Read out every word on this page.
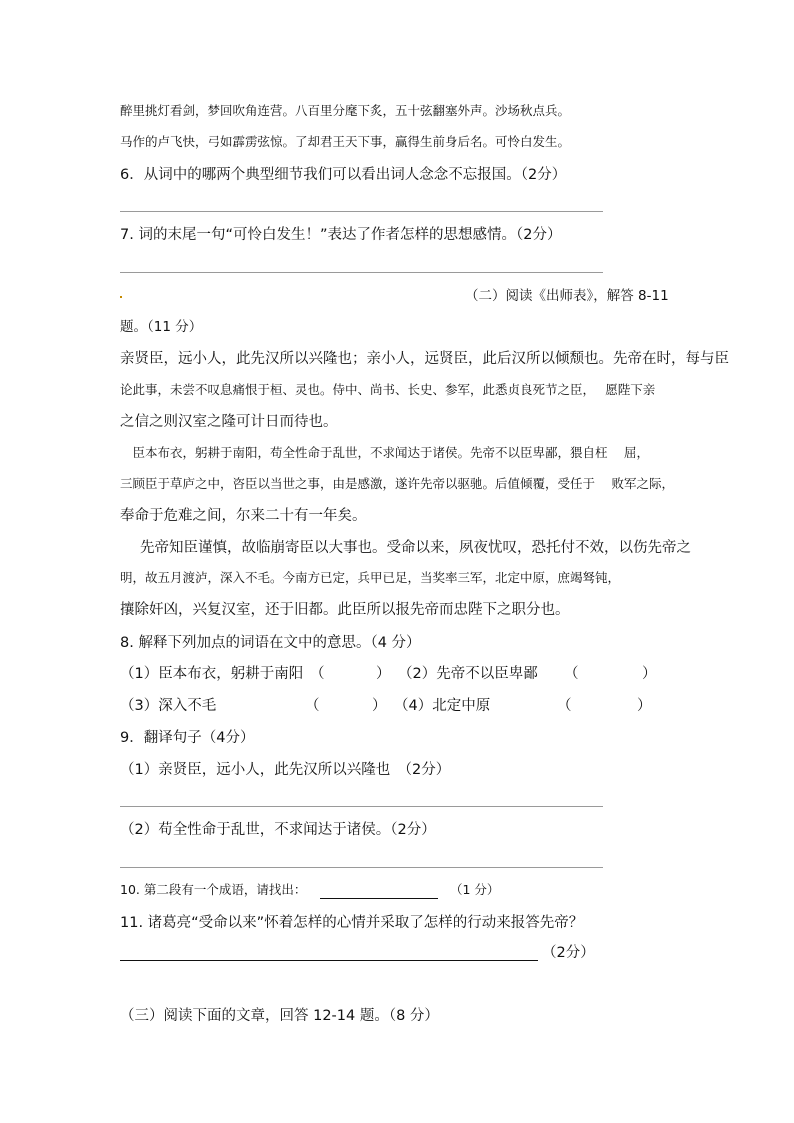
醉里挑灯看剑，梦回吹角连营。八百里分麾下炙，五十弦翻塞外声。沙场秋点兵。
马作的卢飞快，弓如霹雳弦惊。了却君王天下事，赢得生前身后名。可怜白发生。
6．从词中的哪两个典型细节我们可以看出词人念念不忘报国。（2分）
7. 词的末尾一句“可怜白发生！”表达了作者怎样的思想感情。（2分）
（二）阅读《出师表》，解答 8-11
题。（11 分）
亲贤臣，远小人，此先汉所以兴隆也；亲小人，远贤臣，此后汉所以倾颓也。先帝在时，每与臣
论此事，未尝不叹息痛恨于桓、灵也。侍中、尚书、长史、参军，此悉贞良死节之臣，　 愿陛下亲
之信之则汉室之隆可计日而待也。
　臣本布衣，躬耕于南阳，苟全性命于乱世，不求闻达于诸侯。先帝不以臣卑鄙，猥自枉　 屈，
三顾臣于草庐之中，咨臣以当世之事，由是感激，遂许先帝以驱驰。后值倾覆，受任于　 败军之际，
奉命于危难之间，尔来二十有一年矣。
先帝知臣谨慎，故临崩寄臣以大事也。受命以来，夙夜忧叹，恐托付不效，以伤先帝之
明，故五月渡泸，深入不毛。今南方已定，兵甲已足，当奖率三军，北定中原，庶竭驽钝，
攘除奸凶，兴复汉室，还于旧都。此臣所以报先帝而忠陛下之职分也。
8. 解释下列加点的词语在文中的意思。（4 分）
（1）臣本布衣，躬耕于南阳 （	） （2）先帝不以臣卑鄙 （	）
（3）深入不毛	（	） （4）北定中原	（	）
9．翻译句子（4分）
（1）亲贤臣，远小人，此先汉所以兴隆也　（2分）
（2）苟全性命于乱世，不求闻达于诸侯。（2分）
10. 第二段有一个成语，请找出：	（1 分）
11. 诸葛亮“受命以来”怀着怎样的心情并采取了怎样的行动来报答先帝？
（2分）
（三）阅读下面的文章，回答 12-14 题。（8 分）
